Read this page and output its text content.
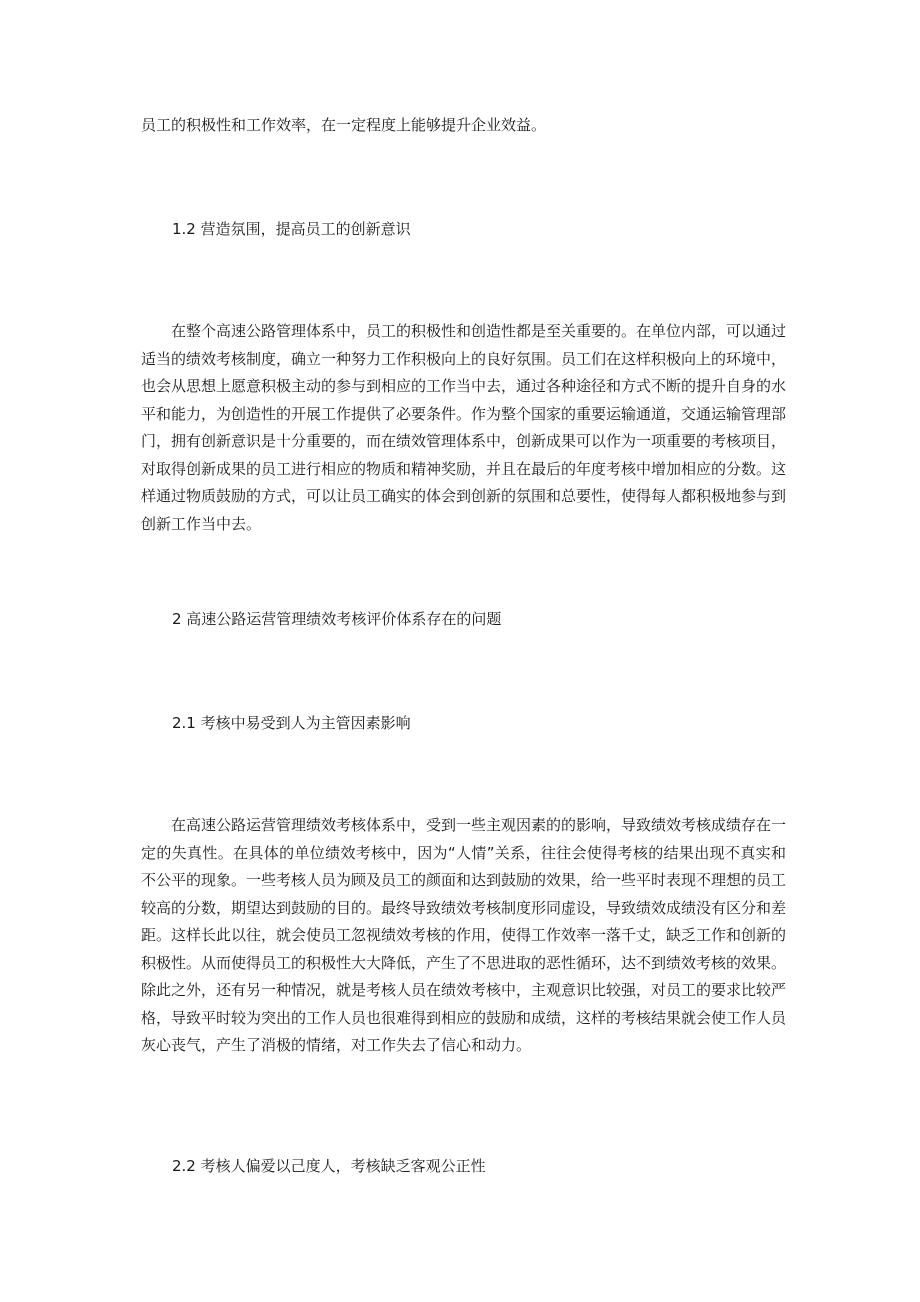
员工的积极性和工作效率，在一定程度上能够提升企业效益。

1.2 营造氛围，提高员工的创新意识

在整个高速公路管理体系中，员工的积极性和创造性都是至关重要的。在单位内部，可以通过适当的绩效考核制度，确立一种努力工作积极向上的良好氛围。员工们在这样积极向上的环境中，也会从思想上愿意积极主动的参与到相应的工作当中去，通过各种途径和方式不断的提升自身的水平和能力，为创造性的开展工作提供了必要条件。作为整个国家的重要运输通道，交通运输管理部门，拥有创新意识是十分重要的，而在绩效管理体系中，创新成果可以作为一项重要的考核项目，对取得创新成果的员工进行相应的物质和精神奖励，并且在最后的年度考核中增加相应的分数。这样通过物质鼓励的方式，可以让员工确实的体会到创新的氛围和总要性，使得每人都积极地参与到创新工作当中去。

2 高速公路运营管理绩效考核评价体系存在的问题
2.1 考核中易受到人为主管因素影响

在高速公路运营管理绩效考核体系中，受到一些主观因素的的影响，导致绩效考核成绩存在一定的失真性。在具体的单位绩效考核中，因为“人情”关系，往往会使得考核的结果出现不真实和不公平的现象。一些考核人员为顾及员工的颜面和达到鼓励的效果，给一些平时表现不理想的员工较高的分数，期望达到鼓励的目的。最终导致绩效考核制度形同虚设，导致绩效成绩没有区分和差距。这样长此以往，就会使员工忽视绩效考核的作用，使得工作效率一落千丈，缺乏工作和创新的积极性。从而使得员工的积极性大大降低，产生了不思进取的恶性循环，达不到绩效考核的效果。除此之外，还有另一种情况，就是考核人员在绩效考核中，主观意识比较强，对员工的要求比较严格，导致平时较为突出的工作人员也很难得到相应的鼓励和成绩，这样的考核结果就会使工作人员灰心丧气，产生了消极的情绪，对工作失去了信心和动力。

2.2 考核人偏爱以己度人，考核缺乏客观公正性
